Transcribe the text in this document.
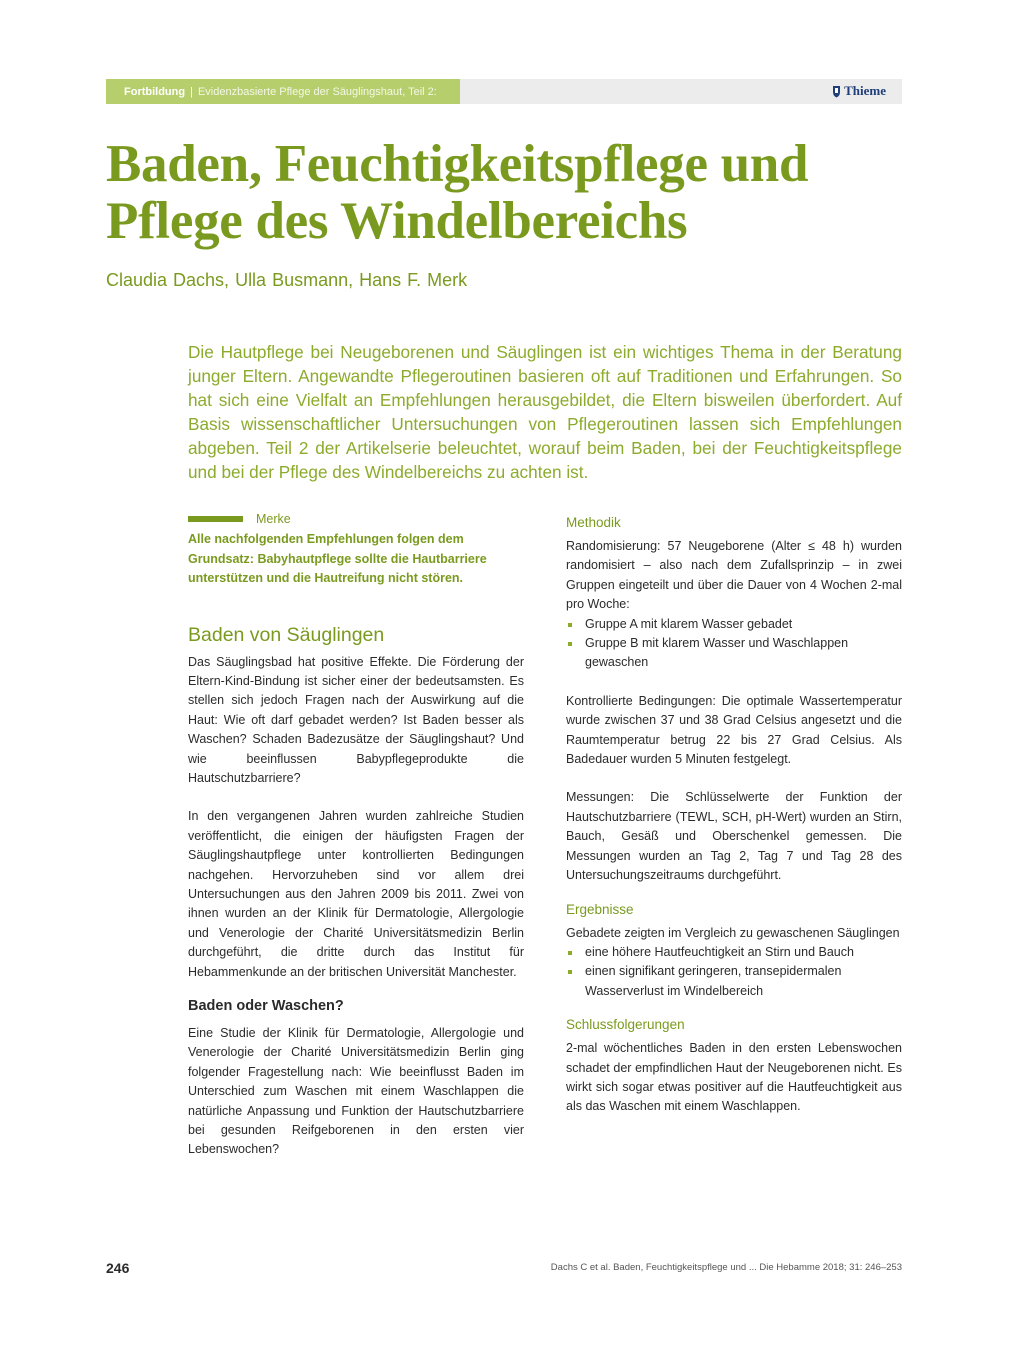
Fortbildung | Evidenzbasierte Pflege der Säuglingshaut, Teil 2:	Thieme
Baden, Feuchtigkeitspflege und
Pflege des Windelbereichs

Claudia Dachs, Ulla Busmann, Hans F. Merk

Die Hautpflege bei Neugeborenen und Säuglingen ist ein wichtiges Thema in der Beratung junger Eltern. Angewandte Pflegeroutinen basieren oft auf Traditionen und Erfahrungen. So hat sich eine Vielfalt an Empfehlungen herausgebildet, die Eltern bisweilen überfordert. Auf Basis wissenschaftlicher Untersuchungen von Pflegeroutinen lassen sich Empfehlungen abgeben. Teil 2 der Artikelserie beleuchtet, worauf beim Baden, bei der Feuchtigkeitspflege und bei der Pflege des Windelbereichs zu achten ist.

Merke

Alle nachfolgenden Empfehlungen folgen dem Grundsatz: Babyhautpflege sollte die Hautbarriere unterstützen und die Hautreifung nicht stören.

Baden von Säuglingen

Das Säuglingsbad hat positive Effekte. Die Förderung der Eltern-Kind-Bindung ist sicher einer der bedeutsamsten. Es stellen sich jedoch Fragen nach der Auswirkung auf die Haut: Wie oft darf gebadet werden? Ist Baden besser als Waschen? Schaden Badezusätze der Säuglingshaut? Und wie beeinflussen Babypflegeprodukte die Hautschutzbarriere?

In den vergangenen Jahren wurden zahlreiche Studien veröffentlicht, die einigen der häufigsten Fragen der Säuglingshautpflege unter kontrollierten Bedingungen nachgehen. Hervorzuheben sind vor allem drei Untersuchungen aus den Jahren 2009 bis 2011. Zwei von ihnen wurden an der Klinik für Dermatologie, Allergologie und Venerologie der Charité Universitätsmedizin Berlin durchgeführt, die dritte durch das Institut für Hebammenkunde an der britischen Universität Manchester.

Baden oder Waschen?

Eine Studie der Klinik für Dermatologie, Allergologie und Venerologie der Charité Universitätsmedizin Berlin ging folgender Fragestellung nach: Wie beeinflusst Baden im Unterschied zum Waschen mit einem Waschlappen die natürliche Anpassung und Funktion der Hautschutzbarriere bei gesunden Reifgeborenen in den ersten vier Lebenswochen?

Methodik

Randomisierung: 57 Neugeborene (Alter ≤ 48 h) wurden randomisiert – also nach dem Zufallsprinzip – in zwei Gruppen eingeteilt und über die Dauer von 4 Wochen 2-mal pro Woche:

Gruppe A mit klarem Wasser gebadet
Gruppe B mit klarem Wasser und Waschlappen gewaschen

Kontrollierte Bedingungen: Die optimale Wassertemperatur wurde zwischen 37 und 38 Grad Celsius angesetzt und die Raumtemperatur betrug 22 bis 27 Grad Celsius. Als Badedauer wurden 5 Minuten festgelegt.

Messungen: Die Schlüsselwerte der Funktion der Hautschutzbarriere (TEWL, SCH, pH-Wert) wurden an Stirn, Bauch, Gesäß und Oberschenkel gemessen. Die Messungen wurden an Tag 2, Tag 7 und Tag 28 des Untersuchungszeitraums durchgeführt.

Ergebnisse

Gebadete zeigten im Vergleich zu gewaschenen Säuglingen

eine höhere Hautfeuchtigkeit an Stirn und Bauch
einen signifikant geringeren, transepidermalen Wasserverlust im Windelbereich
Schlussfolgerungen

2-mal wöchentliches Baden in den ersten Lebenswochen schadet der empfindlichen Haut der Neugeborenen nicht. Es wirkt sich sogar etwas positiver auf die Hautfeuchtigkeit aus als das Waschen mit einem Waschlappen.

246	Dachs C et al. Baden, Feuchtigkeitspflege und ... Die Hebamme 2018; 31: 246–253
